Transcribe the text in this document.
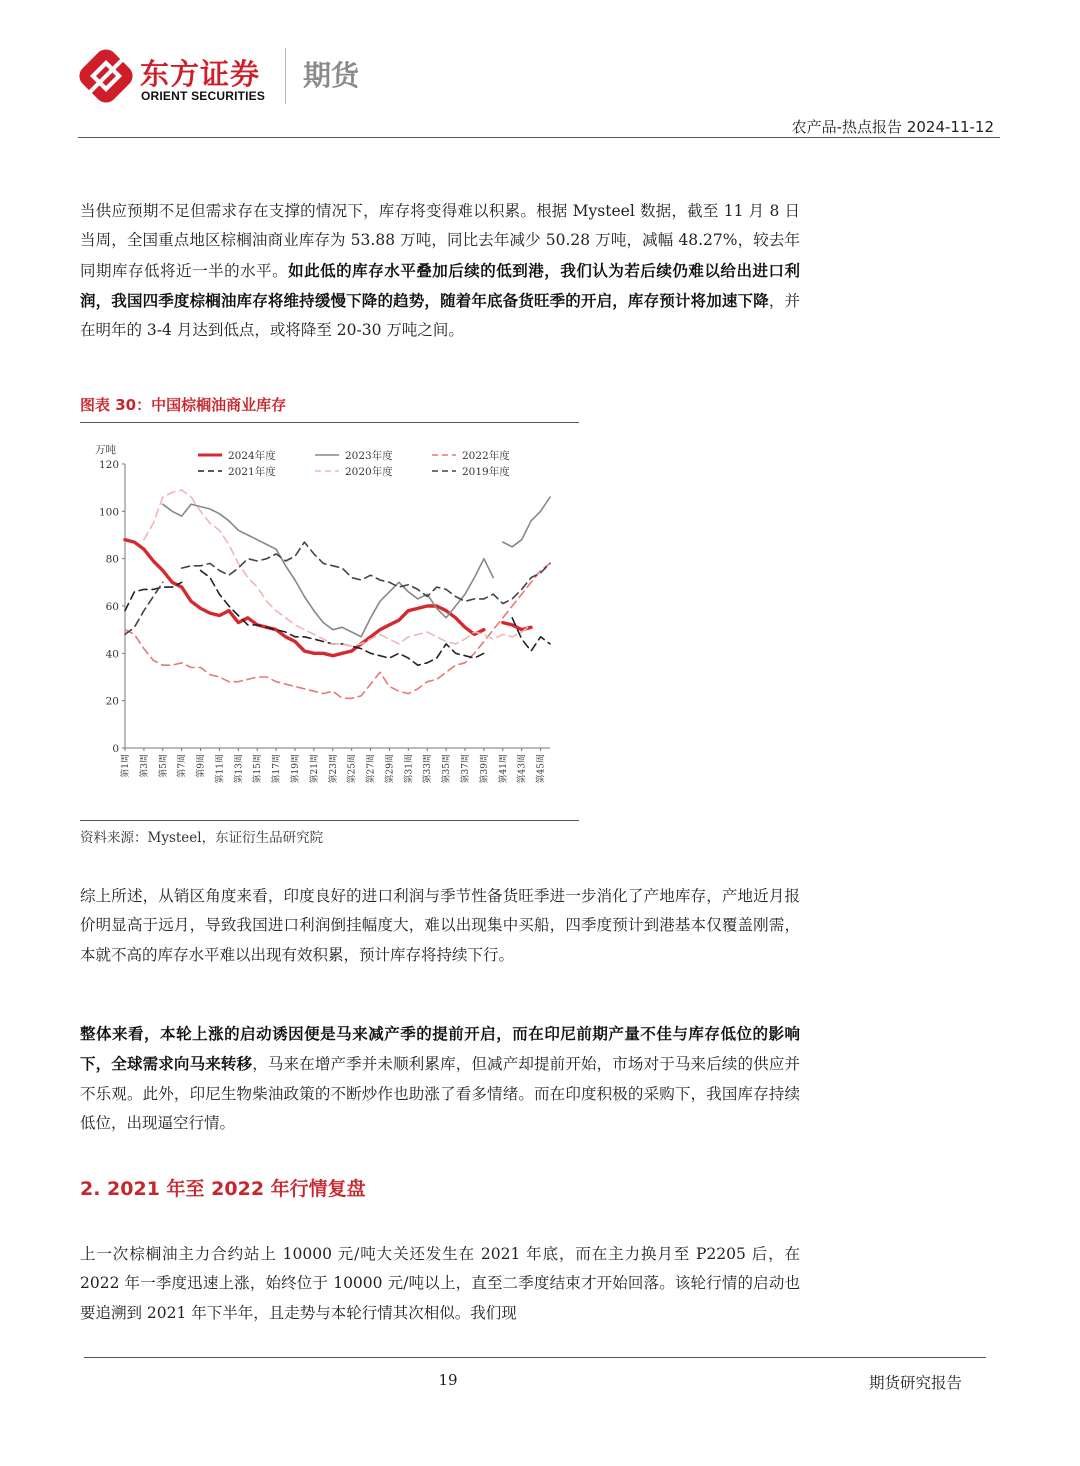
东方证券
ORIENT SECURITIES
期货
农产品-热点报告 2024-11-12
当供应预期不足但需求存在支撑的情况下，库存将变得难以积累。根据 Mysteel 数据，截至 11 月 8 日当周，全国重点地区棕榈油商业库存为 53.88 万吨，同比去年减少 50.28 万吨，减幅 48.27%，较去年同期库存低将近一半的水平。如此低的库存水平叠加后续的低到港，我们认为若后续仍难以给出进口利润，我国四季度棕榈油库存将维持缓慢下降的趋势，随着年底备货旺季的开启，库存预计将加速下降，并在明年的 3-4 月达到低点，或将降至 20-30 万吨之间。
图表 30：中国棕榈油商业库存
万吨	2024年度	2023年度	2022年度
2021年度	2020年度	2019年度
0
20
40
60
80
100
120
第1周 第3周 第5周 第7周 第9周 第11周 第13周 第15周 第17周 第19周 第21周 第23周 第25周 第27周 第29周 第31周 第33周 第35周 第37周 第39周 第41周 第43周 第45周
资料来源：Mysteel，东证衍生品研究院
综上所述，从销区角度来看，印度良好的进口利润与季节性备货旺季进一步消化了产地库存，产地近月报价明显高于远月，导致我国进口利润倒挂幅度大，难以出现集中买船，四季度预计到港基本仅覆盖刚需，本就不高的库存水平难以出现有效积累，预计库存将持续下行。
整体来看，本轮上涨的启动诱因便是马来减产季的提前开启，而在印尼前期产量不佳与库存低位的影响下，全球需求向马来转移，马来在增产季并未顺利累库，但减产却提前开始，市场对于马来后续的供应并不乐观。此外，印尼生物柴油政策的不断炒作也助涨了看多情绪。而在印度积极的采购下，我国库存持续低位，出现逼空行情。
2. 2021 年至 2022 年行情复盘
上一次棕榈油主力合约站上 10000 元/吨大关还发生在 2021 年底，而在主力换月至 P2205 后，在 2022 年一季度迅速上涨，始终位于 10000 元/吨以上，直至二季度结束才开始回落。该轮行情的启动也要追溯到 2021 年下半年，且走势与本轮行情其次相似。我们现
19	期货研究报告
